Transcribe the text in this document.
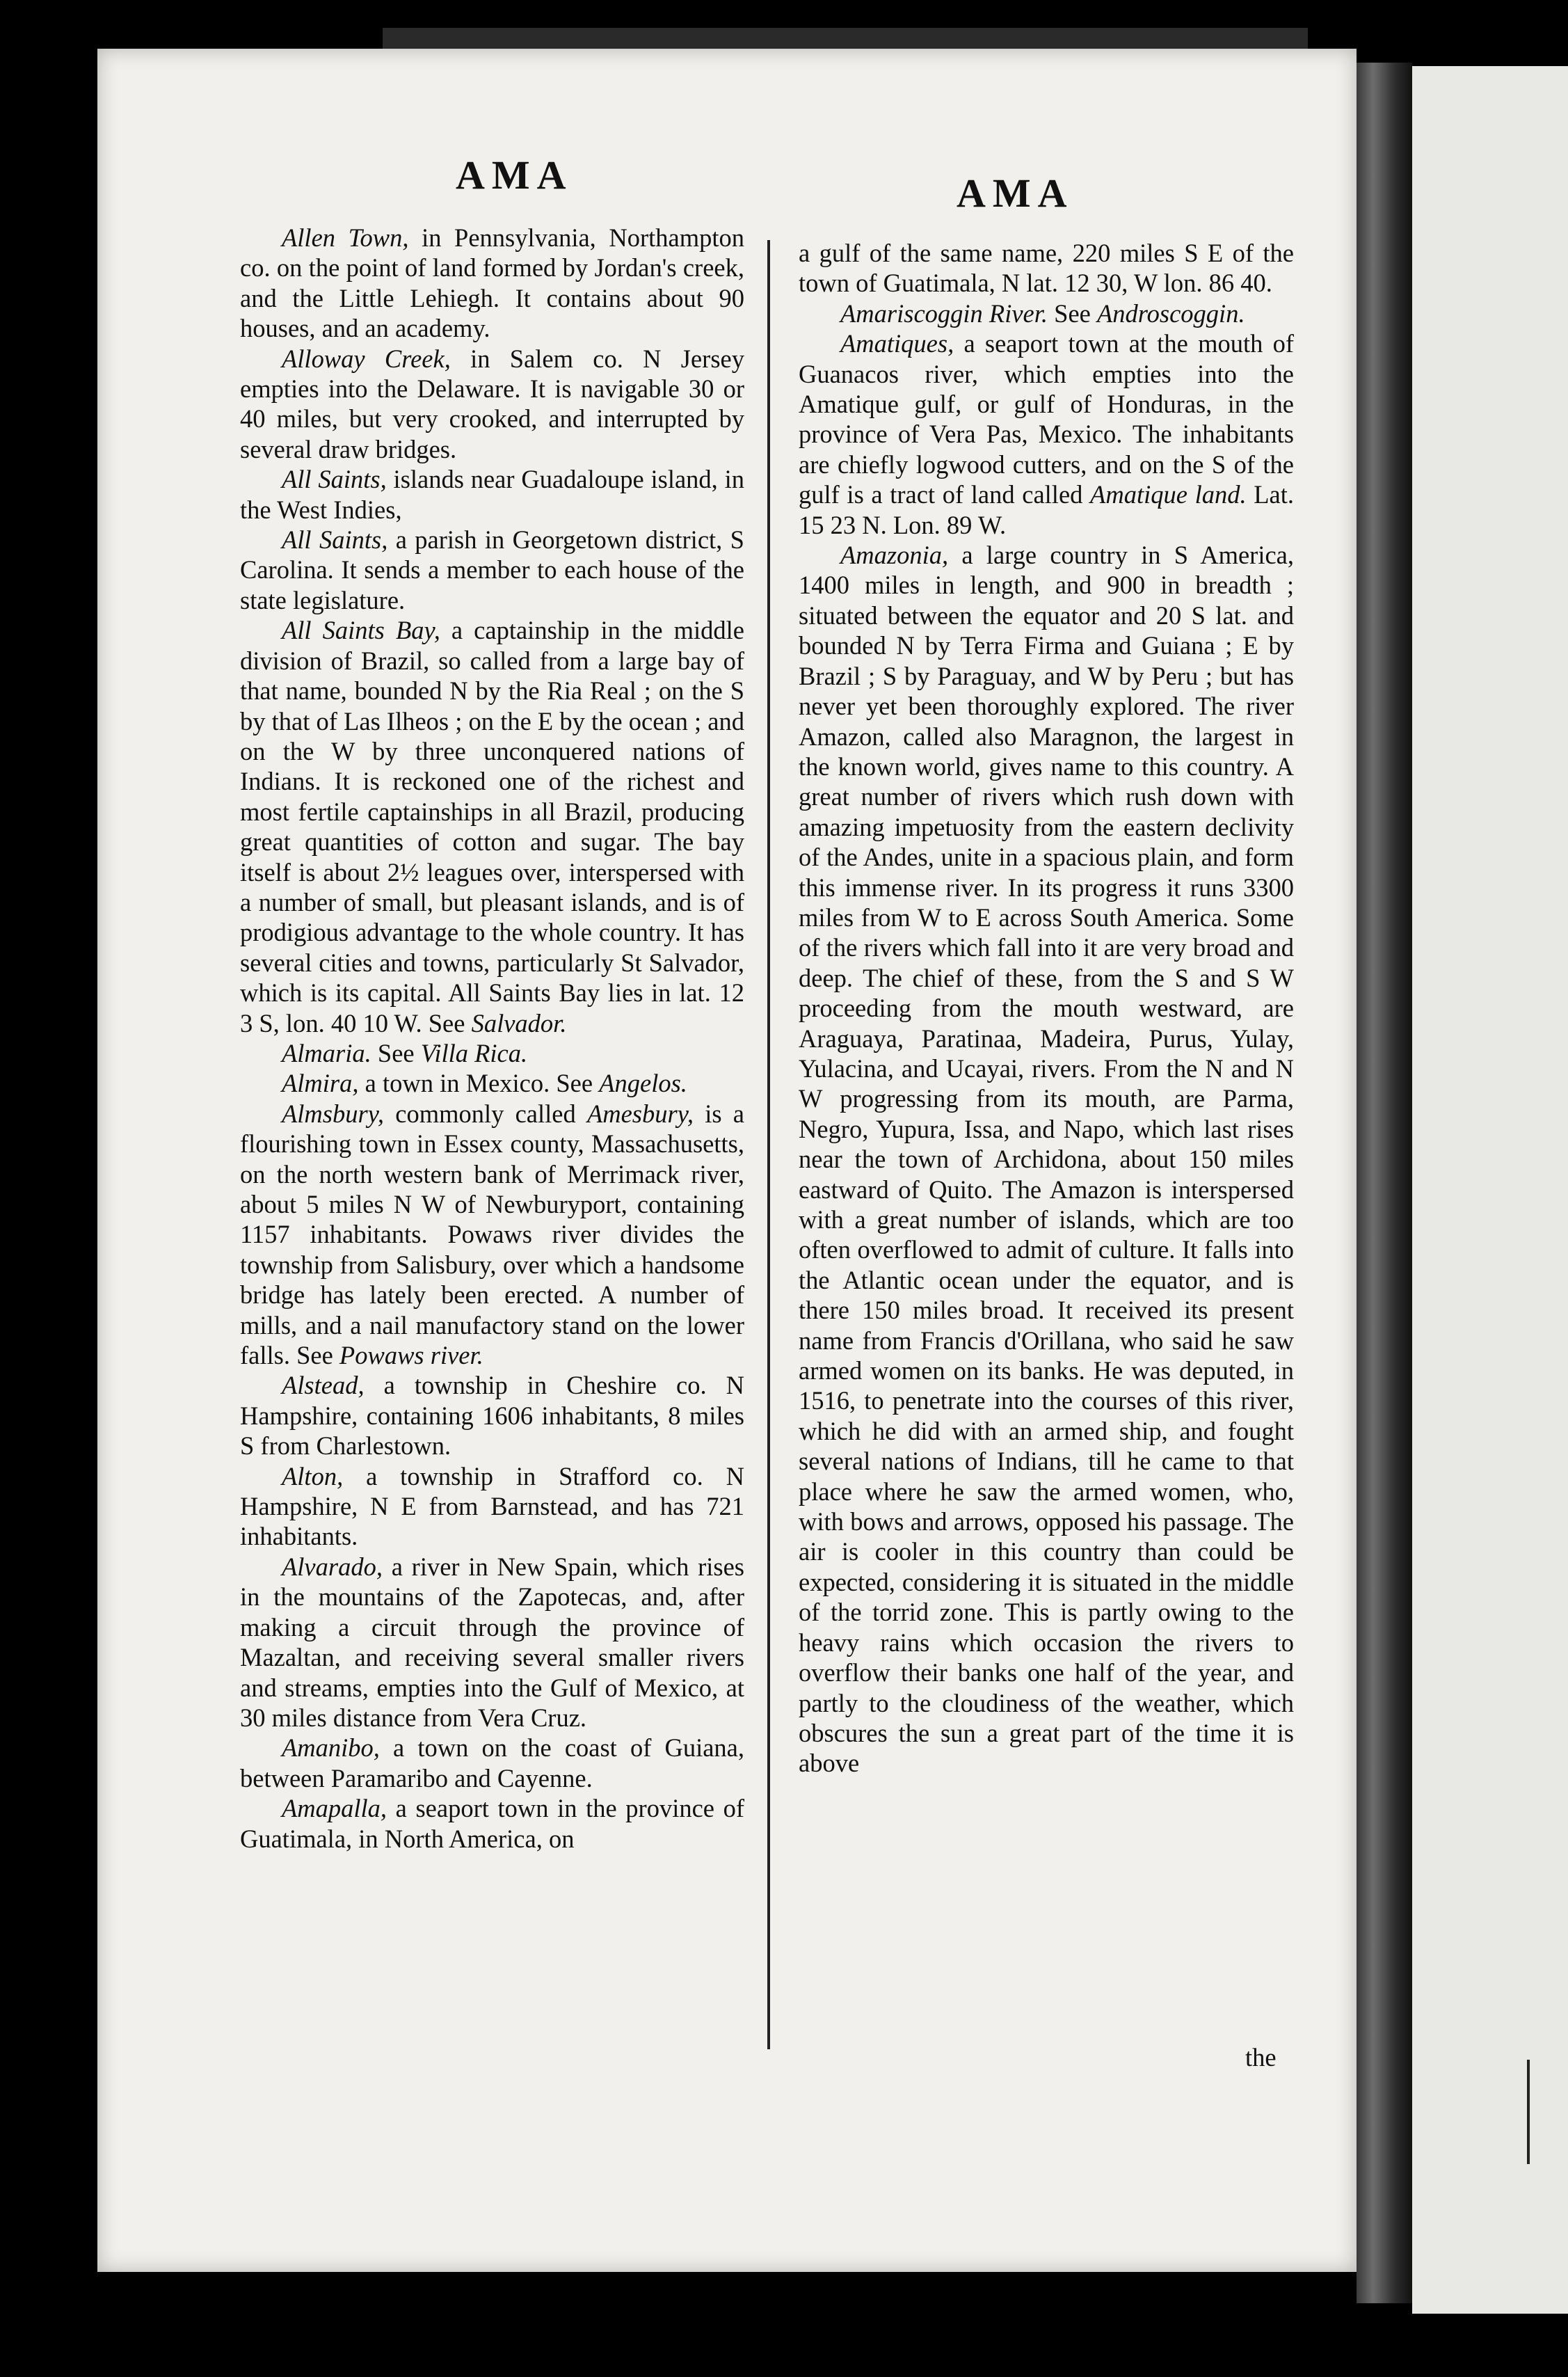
AMA	AMA

Allen Town, in Pennsylvania, Northampton co. on the point of land formed by Jordan's creek, and the Little Lehiegh. It contains about 90 houses, and an academy.

Alloway Creek, in Salem co. N Jersey empties into the Delaware. It is navigable 30 or 40 miles, but very crooked, and interrupted by several draw bridges.

All Saints, islands near Guadaloupe island, in the West Indies,

All Saints, a parish in Georgetown district, S Carolina. It sends a member to each house of the state legislature.

All Saints Bay, a captainship in the middle division of Brazil, so called from a large bay of that name, bounded N by the Ria Real ; on the S by that of Las Ilheos ; on the E by the ocean ; and on the W by three unconquered nations of Indians. It is reckoned one of the richest and most fertile captainships in all Brazil, producing great quantities of cotton and sugar. The bay itself is about 2½ leagues over, interspersed with a number of small, but pleasant islands, and is of prodigious advantage to the whole country. It has several cities and towns, particularly St Salvador, which is its capital. All Saints Bay lies in lat. 12 3 S, lon. 40 10 W. See Salvador.

Almaria. See Villa Rica.

Almira, a town in Mexico. See Angelos.

Almsbury, commonly called Amesbury, is a flourishing town in Essex county, Massachusetts, on the north western bank of Merrimack river, about 5 miles N W of Newburyport, containing 1157 inhabitants. Powaws river divides the township from Salisbury, over which a handsome bridge has lately been erected. A number of mills, and a nail manufactory stand on the lower falls. See Powaws river.

Alstead, a township in Cheshire co. N Hampshire, containing 1606 inhabitants, 8 miles S from Charlestown.

Alton, a township in Strafford co. N Hampshire, N E from Barnstead, and has 721 inhabitants.

Alvarado, a river in New Spain, which rises in the mountains of the Zapotecas, and, after making a circuit through the province of Mazaltan, and receiving several smaller rivers and streams, empties into the Gulf of Mexico, at 30 miles distance from Vera Cruz.

Amanibo, a town on the coast of Guiana, between Paramaribo and Cayenne.

Amapalla, a seaport town in the province of Guatimala, in North America, on

a gulf of the same name, 220 miles S E of the town of Guatimala, N lat. 12 30, W lon. 86 40.

Amariscoggin River. See Androscoggin.

Amatiques, a seaport town at the mouth of Guanacos river, which empties into the Amatique gulf, or gulf of Honduras, in the province of Vera Pas, Mexico. The inhabitants are chiefly logwood cutters, and on the S of the gulf is a tract of land called Amatique land. Lat. 15 23 N. Lon. 89 W.

Amazonia, a large country in S America, 1400 miles in length, and 900 in breadth ; situated between the equator and 20 S lat. and bounded N by Terra Firma and Guiana ; E by Brazil ; S by Paraguay, and W by Peru ; but has never yet been thoroughly explored. The river Amazon, called also Maragnon, the largest in the known world, gives name to this country. A great number of rivers which rush down with amazing impetuosity from the eastern declivity of the Andes, unite in a spacious plain, and form this immense river. In its progress it runs 3300 miles from W to E across South America. Some of the rivers which fall into it are very broad and deep. The chief of these, from the S and S W proceeding from the mouth westward, are Araguaya, Paratinaa, Madeira, Purus, Yulay, Yulacina, and Ucayai, rivers. From the N and N W progressing from its mouth, are Parma, Negro, Yupura, Issa, and Napo, which last rises near the town of Archidona, about 150 miles eastward of Quito. The Amazon is interspersed with a great number of islands, which are too often overflowed to admit of culture. It falls into the Atlantic ocean under the equator, and is there 150 miles broad. It received its present name from Francis d'Orillana, who said he saw armed women on its banks. He was deputed, in 1516, to penetrate into the courses of this river, which he did with an armed ship, and fought several nations of Indians, till he came to that place where he saw the armed women, who, with bows and arrows, opposed his passage. The air is cooler in this country than could be expected, considering it is situated in the middle of the torrid zone. This is partly owing to the heavy rains which occasion the rivers to overflow their banks one half of the year, and partly to the cloudiness of the weather, which obscures the sun a great part of the time it is above

the
